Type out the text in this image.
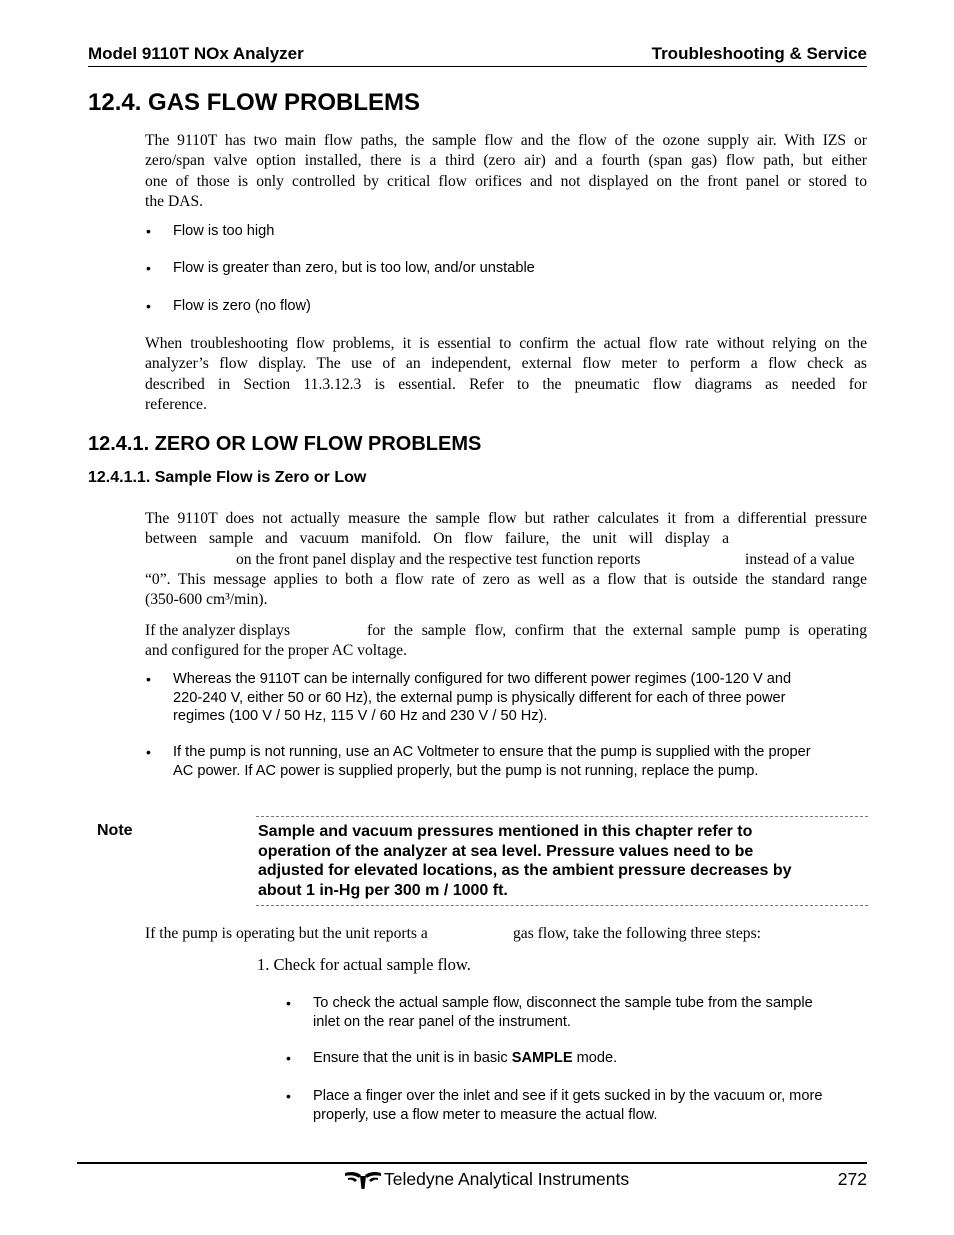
Model 9110T NOx Analyzer	Troubleshooting & Service
12.4. GAS FLOW PROBLEMS
The 9110T has two main flow paths, the sample flow and the flow of the ozone supply air. With IZS or
zero/span valve option installed, there is a third (zero air) and a fourth (span gas) flow path, but either
one of those is only controlled by critical flow orifices and not displayed on the front panel or stored to
the DAS.
• Flow is too high
• Flow is greater than zero, but is too low, and/or unstable
• Flow is zero (no flow)
When troubleshooting flow problems, it is essential to confirm the actual flow rate without relying on the
analyzer’s flow display. The use of an independent, external flow meter to perform a flow check as
described in Section 11.3.12.3 is essential. Refer to the pneumatic flow diagrams as needed for
reference.
12.4.1. ZERO OR LOW FLOW PROBLEMS
12.4.1.1. Sample Flow is Zero or Low
The 9110T does not actually measure the sample flow but rather calculates it from a differential pressure
between sample and vacuum manifold. On flow failure, the unit will display a
on the front panel display and the respective test function reports	instead of a value
“0”. This message applies to both a flow rate of zero as well as a flow that is outside the standard range
(350-600 cm³/min).
If the analyzer displays	for the sample flow, confirm that the external sample pump is operating
and configured for the proper AC voltage.
• Whereas the 9110T can be internally configured for two different power regimes (100-120 V and
220-240 V, either 50 or 60 Hz), the external pump is physically different for each of three power
regimes (100 V / 50 Hz, 115 V / 60 Hz and 230 V / 50 Hz).
• If the pump is not running, use an AC Voltmeter to ensure that the pump is supplied with the proper
AC power. If AC power is supplied properly, but the pump is not running, replace the pump.
Note	Sample and vacuum pressures mentioned in this chapter refer to
operation of the analyzer at sea level. Pressure values need to be
adjusted for elevated locations, as the ambient pressure decreases by
about 1 in-Hg per 300 m / 1000 ft.
If the pump is operating but the unit reports a	gas flow, take the following three steps:
1. Check for actual sample flow.
• To check the actual sample flow, disconnect the sample tube from the sample
inlet on the rear panel of the instrument.
• Ensure that the unit is in basic SAMPLE mode.
• Place a finger over the inlet and see if it gets sucked in by the vacuum or, more
properly, use a flow meter to measure the actual flow.
Teledyne Analytical Instruments	272
